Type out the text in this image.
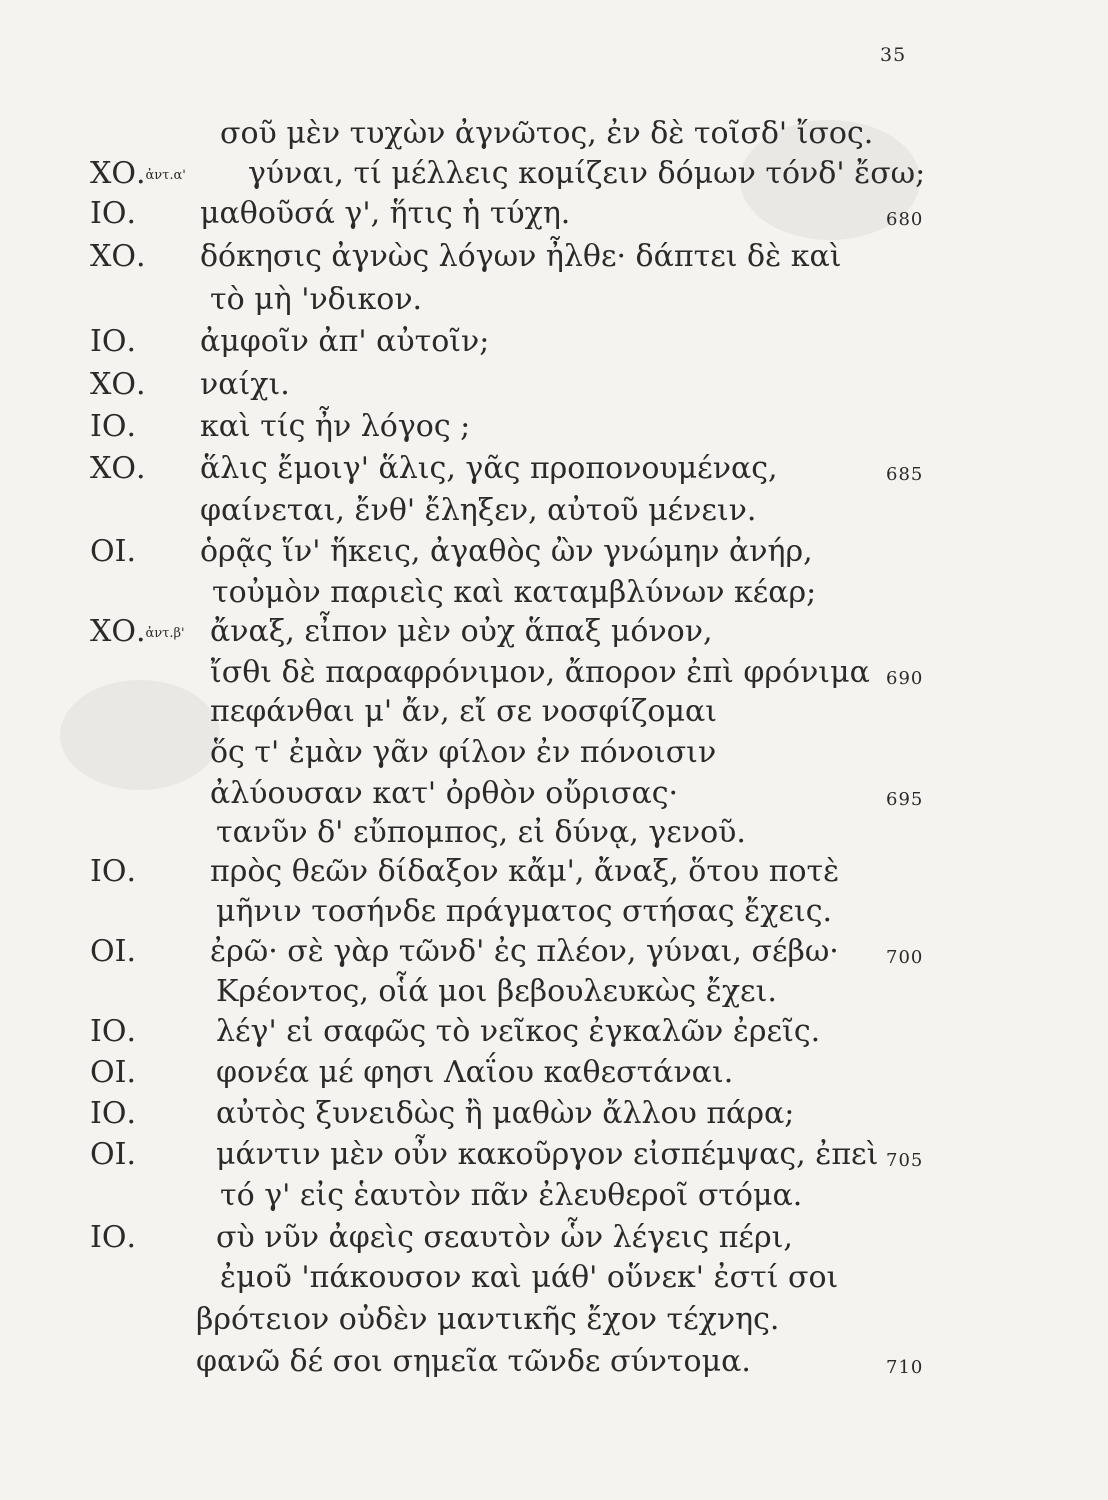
35
σοῦ μὲν τυχὼν ἀγνῶτος, ἐν δὲ τοῖσδ' ἴσος.
ΧΟ.ἀντ.α' γύναι, τί μέλλεις κομίζειν δόμων τόνδ' ἔσω;
ΙΟ. μαθοῦσά γ', ἥτις ἡ τύχη.	680
ΧΟ. δόκησις ἀγνὼς λόγων ἦλθε· δάπτει δὲ καὶ
τὸ μὴ 'νδικον.
ΙΟ. ἀμφοῖν ἀπ' αὐτοῖν;
ΧΟ. ναίχι.
ΙΟ. καὶ τίς ἦν λόγος ;
ΧΟ. ἅλις ἔμοιγ' ἅλις, γᾶς προπονουμένας,	685
φαίνεται, ἔνθ' ἔληξεν, αὐτοῦ μένειν.
ΟΙ. ὁρᾷς ἵν' ἥκεις, ἀγαθὸς ὢν γνώμην ἀνήρ,
τοὐμὸν παριεὶς καὶ καταμβλύνων κέαρ;
ΧΟ.ἀντ.β' ἄναξ, εἶπον μὲν οὐχ ἅπαξ μόνον,
ἴσθι δὲ παραφρόνιμον, ἄπορον ἐπὶ φρόνιμα 690
πεφάνθαι μ' ἄν, εἴ σε νοσφίζομαι
ὅς τ' ἐμὰν γᾶν φίλον ἐν πόνοισιν
ἀλύουσαν κατ' ὀρθὸν οὔρισας·	695
τανῦν δ' εὔπομπος, εἰ δύνᾳ, γενοῦ.
ΙΟ. πρὸς θεῶν δίδαξον κἄμ', ἄναξ, ὅτου ποτὲ
μῆνιν τοσήνδε πράγματος στήσας ἔχεις.
ΟΙ. ἐρῶ· σὲ γὰρ τῶνδ' ἐς πλέον, γύναι, σέβω·	700
Κρέοντος, οἷά μοι βεβουλευκὼς ἔχει.
ΙΟ.	λέγ' εἰ σαφῶς τὸ νεῖκος ἐγκαλῶν ἐρεῖς.
ΟΙ.	φονέα μέ φησι Λαΐου καθεστάναι.
ΙΟ.	αὐτὸς ξυνειδὼς ἢ μαθὼν ἄλλου πάρα;
ΟΙ.	μάντιν μὲν οὖν κακοῦργον εἰσπέμψας, ἐπεὶ 705
τό γ' εἰς ἑαυτὸν πᾶν ἐλευθεροῖ στόμα.
ΙΟ.	σὺ νῦν ἀφεὶς σεαυτὸν ὧν λέγεις πέρι,
ἐμοῦ 'πάκουσον καὶ μάθ' οὕνεκ' ἐστί σοι
βρότειον οὐδὲν μαντικῆς ἔχον τέχνης.
φανῶ δέ σοι σημεῖα τῶνδε σύντομα.	710
